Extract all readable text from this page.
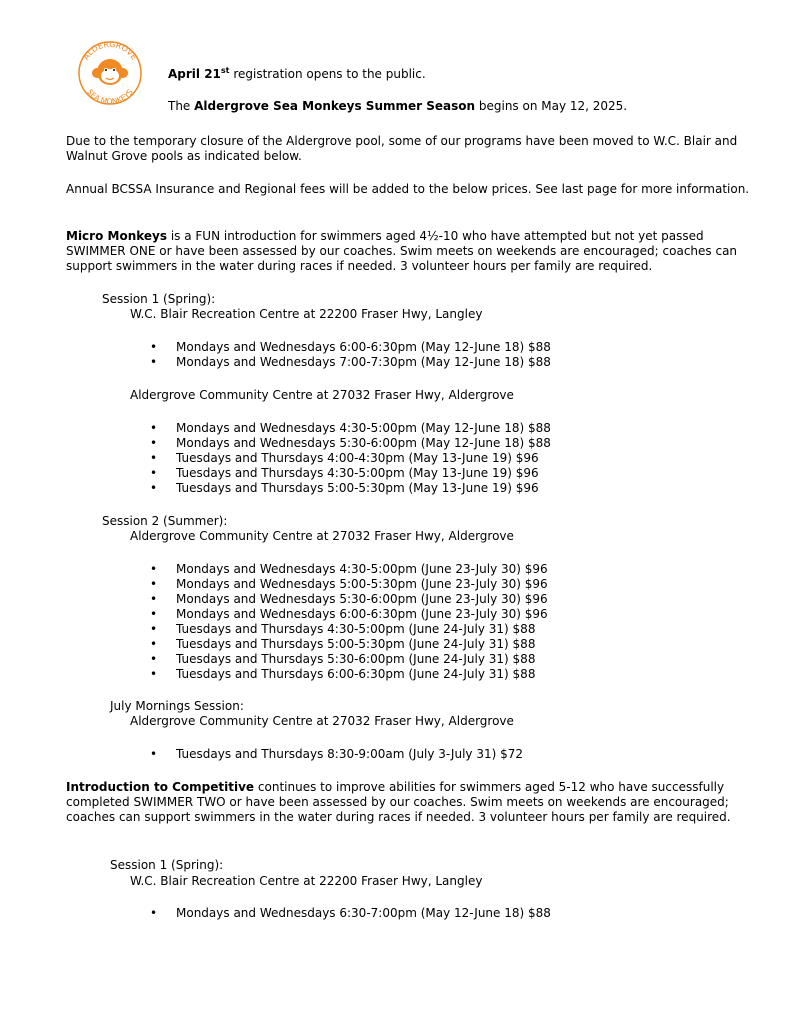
ALDERGROVE
SEA MONKEYS
April 21st registration opens to the public.
The Aldergrove Sea Monkeys Summer Season begins on May 12, 2025.
Due to the temporary closure of the Aldergrove pool, some of our programs have been moved to W.C. Blair and Walnut Grove pools as indicated below.
Annual BCSSA Insurance and Regional fees will be added to the below prices. See last page for more information.
Micro Monkeys is a FUN introduction for swimmers aged 4½-10 who have attempted but not yet passed SWIMMER ONE or have been assessed by our coaches. Swim meets on weekends are encouraged; coaches can support swimmers in the water during races if needed. 3 volunteer hours per family are required.
Session 1 (Spring):
W.C. Blair Recreation Centre at 22200 Fraser Hwy, Langley
• Mondays and Wednesdays 6:00-6:30pm (May 12-June 18) $88
• Mondays and Wednesdays 7:00-7:30pm (May 12-June 18) $88
Aldergrove Community Centre at 27032 Fraser Hwy, Aldergrove
• Mondays and Wednesdays 4:30-5:00pm (May 12-June 18) $88
• Mondays and Wednesdays 5:30-6:00pm (May 12-June 18) $88
• Tuesdays and Thursdays 4:00-4:30pm (May 13-June 19) $96
• Tuesdays and Thursdays 4:30-5:00pm (May 13-June 19) $96
• Tuesdays and Thursdays 5:00-5:30pm (May 13-June 19) $96
Session 2 (Summer):
Aldergrove Community Centre at 27032 Fraser Hwy, Aldergrove
• Mondays and Wednesdays 4:30-5:00pm (June 23-July 30) $96
• Mondays and Wednesdays 5:00-5:30pm (June 23-July 30) $96
• Mondays and Wednesdays 5:30-6:00pm (June 23-July 30) $96
• Mondays and Wednesdays 6:00-6:30pm (June 23-July 30) $96
• Tuesdays and Thursdays 4:30-5:00pm (June 24-July 31) $88
• Tuesdays and Thursdays 5:00-5:30pm (June 24-July 31) $88
• Tuesdays and Thursdays 5:30-6:00pm (June 24-July 31) $88
• Tuesdays and Thursdays 6:00-6:30pm (June 24-July 31) $88
July Mornings Session:
Aldergrove Community Centre at 27032 Fraser Hwy, Aldergrove
• Tuesdays and Thursdays 8:30-9:00am (July 3-July 31) $72
Introduction to Competitive continues to improve abilities for swimmers aged 5-12 who have successfully completed SWIMMER TWO or have been assessed by our coaches. Swim meets on weekends are encouraged; coaches can support swimmers in the water during races if needed. 3 volunteer hours per family are required.
Session 1 (Spring):
W.C. Blair Recreation Centre at 22200 Fraser Hwy, Langley
• Mondays and Wednesdays 6:30-7:00pm (May 12-June 18) $88
